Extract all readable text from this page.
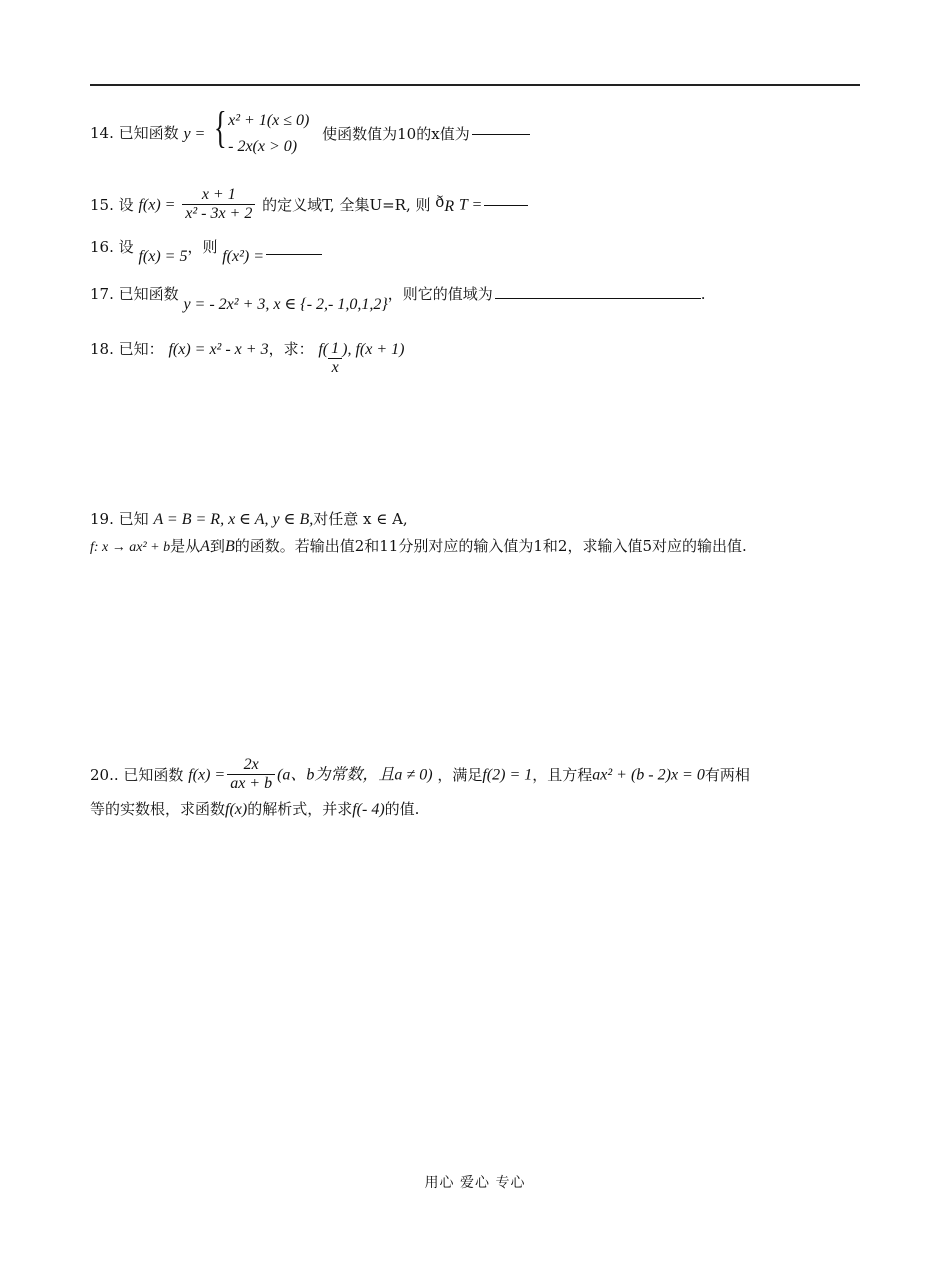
14. 已知函数 y = { x² + 1(x ≤ 0)
- 2x(x > 0)
使函数值为10的x值为
15. 设 $f(x) = \frac{x + 1}{\text{x² - 3x + 2}}$ 的定义域T, 全集U=R, 则 $ð_R$ T =
16. 设 f(x) = 5，则 f(x²) =
17. 已知函数 y = - 2x² + 3, x ∈ {- 2,- 1,0,1,2}，则它的值域为	.
18. 已知： f(x) = x² - x + 3，求： $f( \frac{1}{x}$ ), f(x + 1)
19. 已知 A = B = R, x ∈ A, y ∈ B,对任意 x ∈ A,
f: x → ax² + b是从A到B的函数。若输出值2和11分别对应的输入值为1和2，求输入值5对应的输出值.
20.. 已知函数 $f(x) = \frac{2x}{ax + b} (a$、b为常数，且a ≠ 0) ，满足f(2) = 1，且方程ax² + (b - 2)x = 0有两相
等的实数根，求函数f(x)的解析式，并求f(- 4)的值.
用心 爱心 专心
